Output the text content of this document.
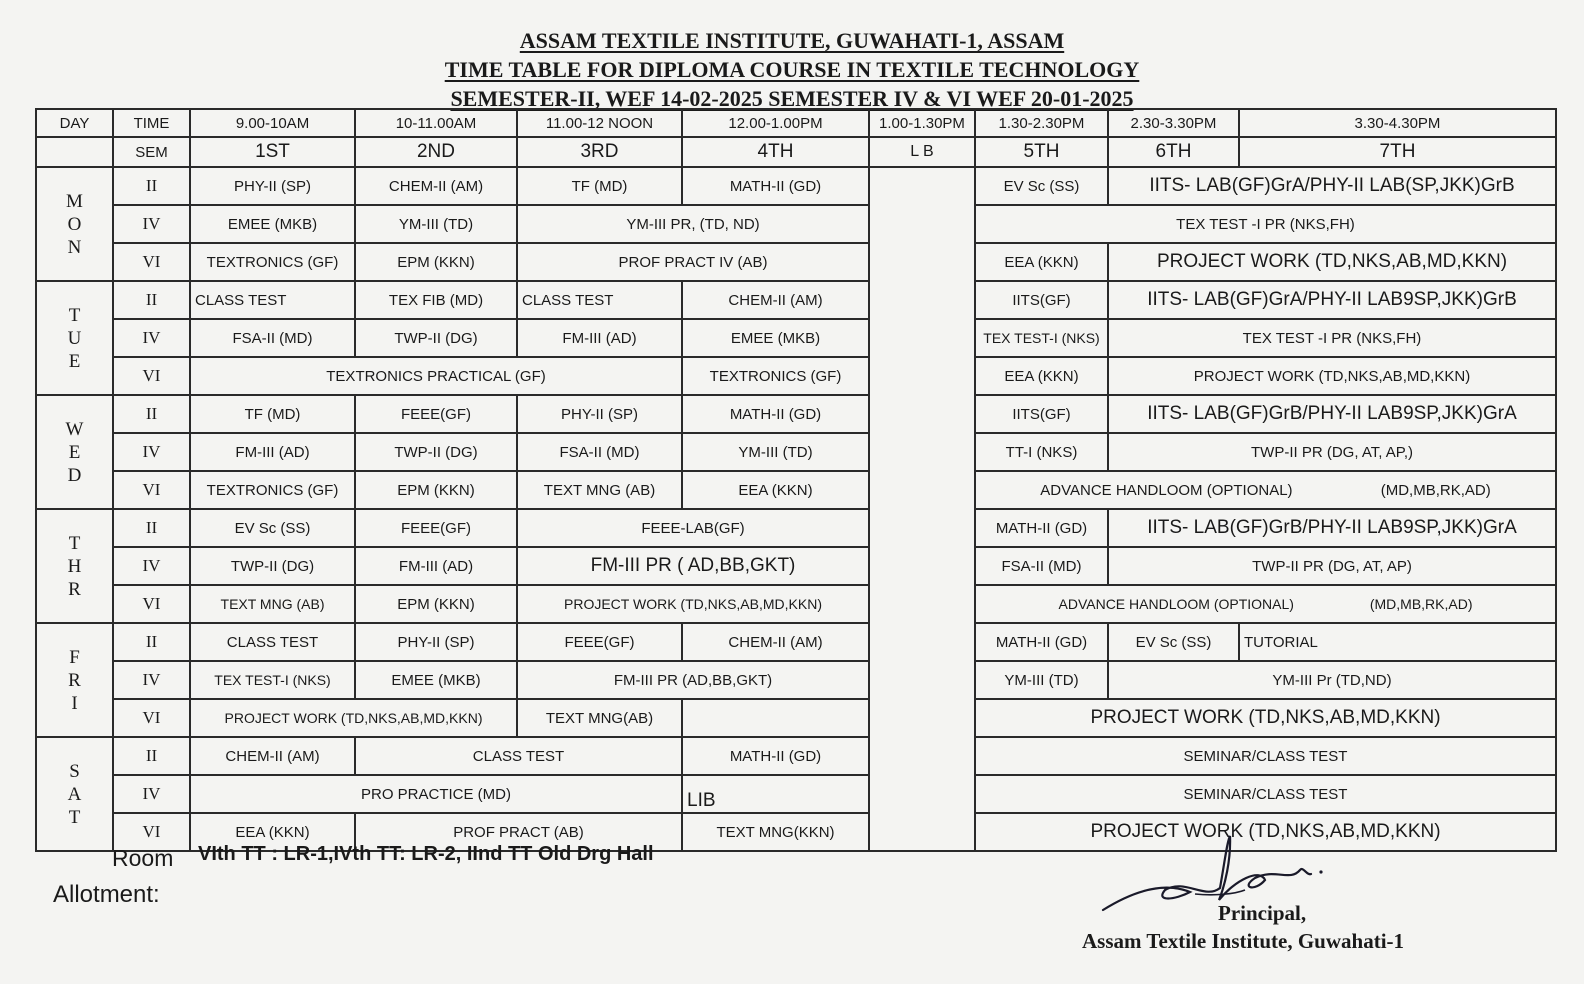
ASSAM TEXTILE INSTITUTE, GUWAHATI-1, ASSAM
TIME TABLE FOR DIPLOMA COURSE IN TEXTILE TECHNOLOGY
SEMESTER-II, WEF 14-02-2025 SEMESTER IV & VI WEF 20-01-2025
DAY	TIME	9.00-10AM	10-11.00AM	11.00-12 NOON	12.00-1.00PM	1.00-1.30PM	1.30-2.30PM	2.30-3.30PM	3.30-4.30PM
	SEM	1ST	2ND	3RD	4TH	L B	5TH	6TH	7TH
M
O
N	II	PHY-II (SP)	CHEM-II (AM)	TF (MD)	MATH-II (GD)		EV Sc (SS)	IITS- LAB(GF)GrA/PHY-II LAB(SP,JKK)GrB	
	IV	EMEE (MKB)	YM-III (TD)	YM-III PR, (TD, ND)			TEX TEST -I PR (NKS,FH)		
	VI	TEXTRONICS (GF)	EPM (KKN)	PROF PRACT IV (AB)			EEA (KKN)	PROJECT WORK (TD,NKS,AB,MD,KKN)	
T
U
E	II	CLASS TEST	TEX FIB (MD)	CLASS TEST	CHEM-II (AM)		IITS(GF)	IITS- LAB(GF)GrA/PHY-II LAB9SP,JKK)GrB	
	IV	FSA-II (MD)	TWP-II (DG)	FM-III (AD)	EMEE (MKB)		TEX TEST-I (NKS)	TEX TEST -I PR (NKS,FH)	
	VI	TEXTRONICS PRACTICAL (GF)			TEXTRONICS (GF)		EEA (KKN)	PROJECT WORK (TD,NKS,AB,MD,KKN)	
W
E
D	II	TF (MD)	FEEE(GF)	PHY-II (SP)	MATH-II (GD)		IITS(GF)	IITS- LAB(GF)GrB/PHY-II LAB9SP,JKK)GrA	
	IV	FM-III (AD)	TWP-II (DG)	FSA-II (MD)	YM-III (TD)		TT-I (NKS)	TWP-II PR (DG, AT, AP,)	
	VI	TEXTRONICS (GF)	EPM (KKN)	TEXT MNG (AB)	EEA (KKN)		ADVANCE HANDLOOM (OPTIONAL) (MD,MB,RK,AD)		
T
H
R	II	EV Sc (SS)	FEEE(GF)	FEEE-LAB(GF)			MATH-II (GD)	IITS- LAB(GF)GrB/PHY-II LAB9SP,JKK)GrA	
	IV	TWP-II (DG)	FM-III (AD)	FM-III PR ( AD,BB,GKT)			FSA-II (MD)	TWP-II PR (DG, AT, AP)	
	VI	TEXT MNG (AB)	EPM (KKN)	PROJECT WORK (TD,NKS,AB,MD,KKN)			ADVANCE HANDLOOM (OPTIONAL) (MD,MB,RK,AD)		
F
R
I	II	CLASS TEST	PHY-II (SP)	FEEE(GF)	CHEM-II (AM)		MATH-II (GD)	EV Sc (SS)	TUTORIAL
	IV	TEX TEST-I (NKS)	EMEE (MKB)	FM-III PR (AD,BB,GKT)			YM-III (TD)	YM-III Pr (TD,ND)	
	VI	PROJECT WORK (TD,NKS,AB,MD,KKN)		TEXT MNG(AB)			PROJECT WORK (TD,NKS,AB,MD,KKN)		
S
A
T	II	CHEM-II (AM)	CLASS TEST		MATH-II (GD)		SEMINAR/CLASS TEST		
	IV	PRO PRACTICE (MD)			LIB		SEMINAR/CLASS TEST		
	VI	EEA (KKN)	PROF PRACT (AB)		TEXT MNG(KKN)		PROJECT WORK (TD,NKS,AB,MD,KKN)		
Room VIth TT : LR-1,IVth TT: LR-2, IInd TT Old Drg Hall
Allotment:
Principal,
Assam Textile Institute, Guwahati-1
